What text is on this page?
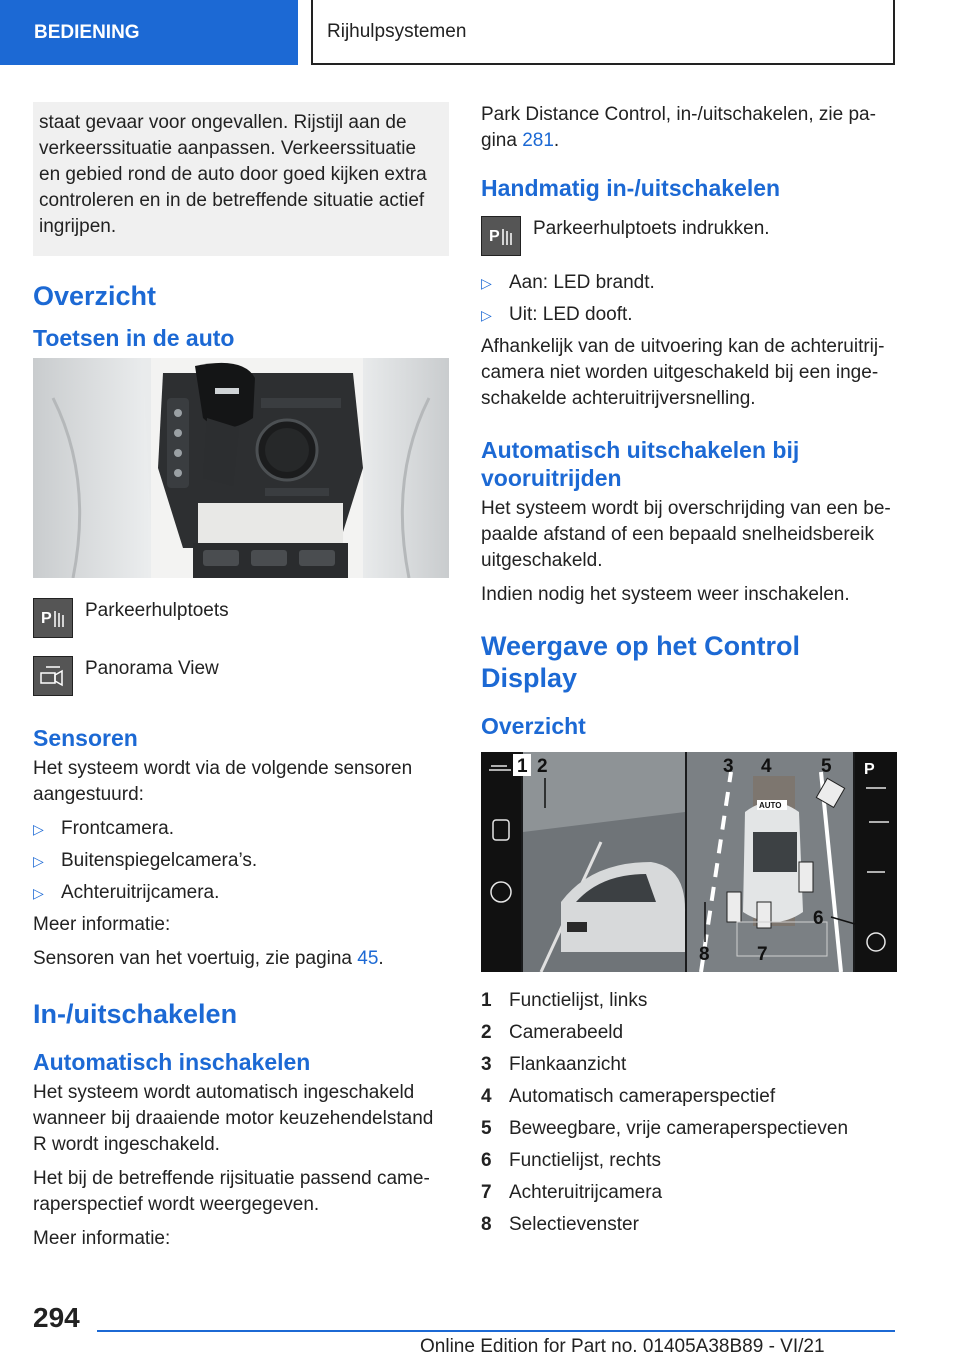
BEDIENING	Rijhulpsystemen

staat gevaar voor ongevallen. Rijstijl aan de verkeerssituatie aanpassen. Verkeerssituatie en gebied rond de auto door goed kijken extra controleren en in de betreffende situatie actief ingrijpen.

Overzicht
Toetsen in de auto
P Parkeerhulptoets
Panorama View
Sensoren

Het systeem wordt via de volgende sensoren aangestuurd:

▷ Frontcamera.
▷ Buitenspiegelcamera’s.
▷ Achteruitrijcamera.

Meer informatie:

Sensoren van het voertuig, zie pagina 45.

In-/uitschakelen
Automatisch inschakelen

Het systeem wordt automatisch ingeschakeld wanneer bij draaiende motor keuzehendelstand R wordt ingeschakeld.

Het bij de betreffende rijsituatie passend cameraperspectief wordt weergegeven.

Meer informatie:

Park Distance Control, in-/uitschakelen, zie pagina 281.

Handmatig in-/uitschakelen
P Parkeerhulptoets indrukken.
▷ Aan: LED brandt.
▷ Uit: LED dooft.

Afhankelijk van de uitvoering kan de achteruitrijcamera niet worden uitgeschakeld bij een ingeschakelde achteruitrijversnelling.

Automatisch uitschakelen bij vooruitrijden

Het systeem wordt bij overschrijding van een bepaalde afstand of een bepaald snelheidsbereik uitgeschakeld.

Indien nodig het systeem weer inschakelen.

Weergave op het Control Display
Overzicht
AUTO
P
1 2	3 4	5
6
7
8
1 Functielijst, links
2 Camerabeeld
3 Flankaanzicht
4 Automatisch cameraperspectief
5 Beweegbare, vrije cameraperspectieven
6 Functielijst, rechts
7 Achteruitrijcamera
8 Selectievenster
294
Online Edition for Part no. 01405A38B89 - VI/21
